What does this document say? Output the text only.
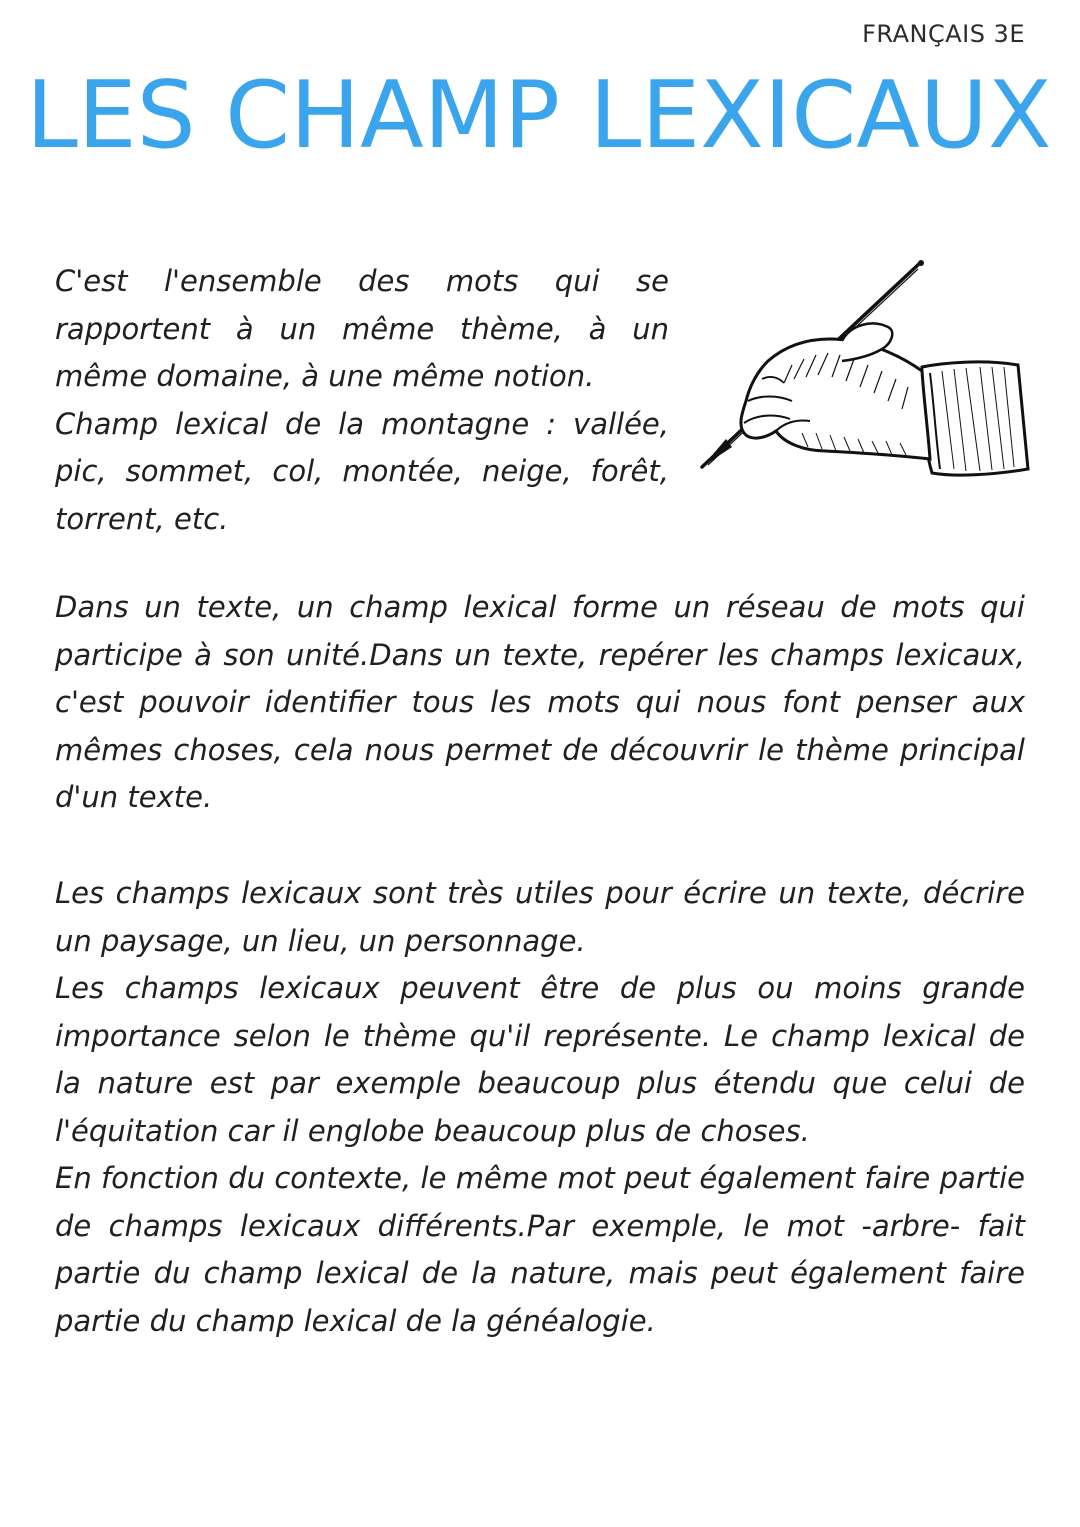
FRANÇAIS 3E
LES CHAMP LEXICAUX

C'est l'ensemble des mots qui se rapportent à un même thème, à un même domaine, à une même notion.

Champ lexical de la montagne : vallée, pic, sommet, col, montée, neige, forêt, torrent, etc.

Dans un texte, un champ lexical forme un réseau de mots qui participe à son unité.Dans un texte, repérer les champs lexicaux, c'est pouvoir identifier tous les mots qui nous font penser aux mêmes choses, cela nous permet de découvrir le thème principal d'un texte.

Les champs lexicaux sont très utiles pour écrire un texte, décrire un paysage, un lieu, un personnage.

Les champs lexicaux peuvent être de plus ou moins grande importance selon le thème qu'il représente. Le champ lexical de la nature est par exemple beaucoup plus étendu que celui de l'équitation car il englobe beaucoup plus de choses.

En fonction du contexte, le même mot peut également faire partie de champs lexicaux différents.Par exemple, le mot -arbre- fait partie du champ lexical de la nature, mais peut également faire partie du champ lexical de la généalogie.
